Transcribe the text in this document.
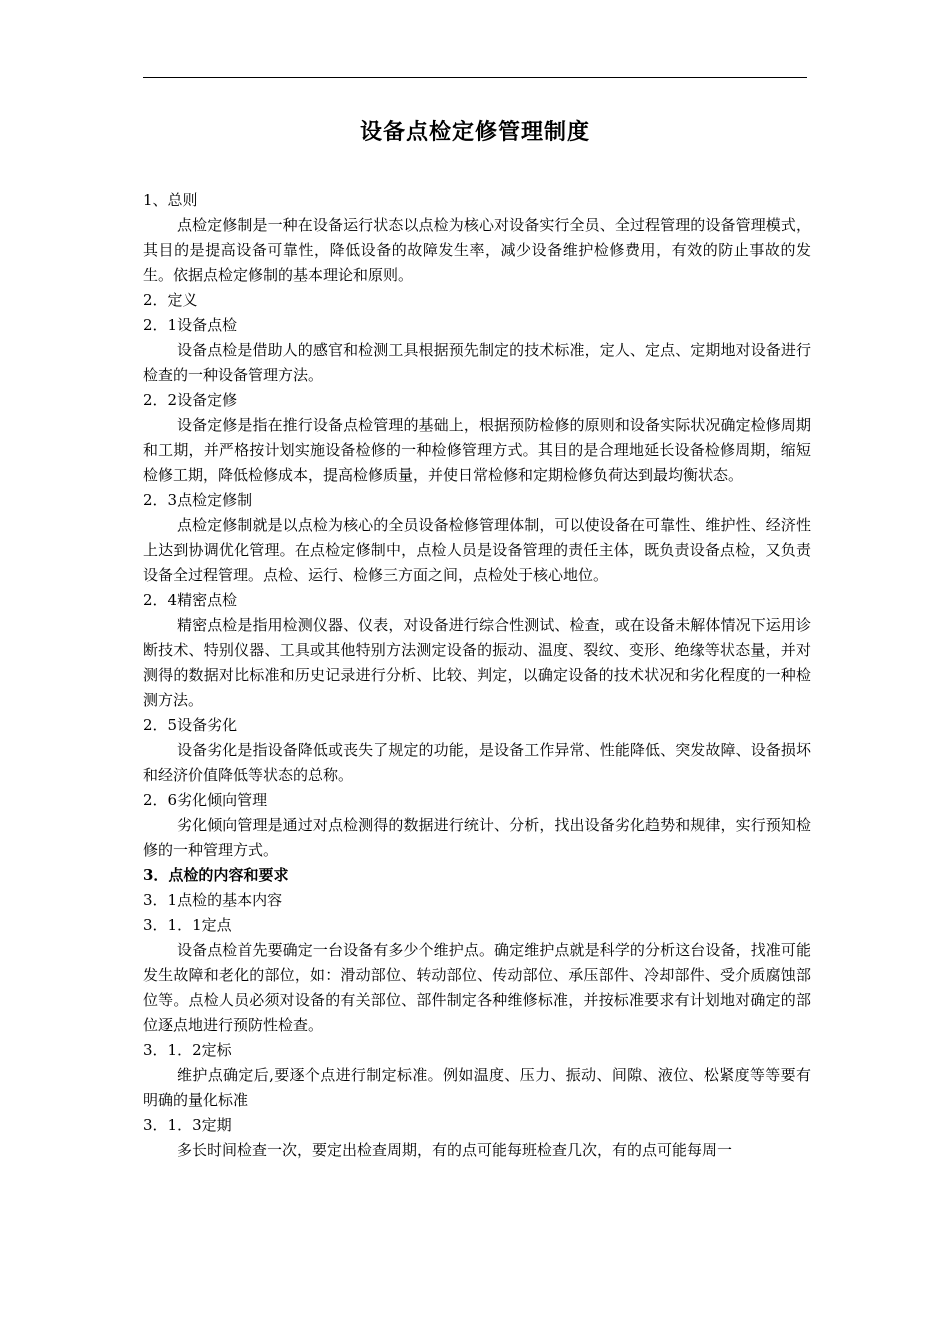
设备点检定修管理制度

1、总则

点检定修制是一种在设备运行状态以点检为核心对设备实行全员、全过程管理的设备管理模式，其目的是提高设备可靠性，降低设备的故障发生率，减少设备维护检修费用，有效的防止事故的发生。依据点检定修制的基本理论和原则。

2．定义

2．1设备点检

设备点检是借助人的感官和检测工具根据预先制定的技术标准，定人、定点、定期地对设备进行检查的一种设备管理方法。

2．2设备定修

设备定修是指在推行设备点检管理的基础上，根据预防检修的原则和设备实际状况确定检修周期和工期，并严格按计划实施设备检修的一种检修管理方式。其目的是合理地延长设备检修周期，缩短检修工期，降低检修成本，提高检修质量，并使日常检修和定期检修负荷达到最均衡状态。

2．3点检定修制

点检定修制就是以点检为核心的全员设备检修管理体制，可以使设备在可靠性、维护性、经济性上达到协调优化管理。在点检定修制中，点检人员是设备管理的责任主体，既负责设备点检，又负责设备全过程管理。点检、运行、检修三方面之间，点检处于核心地位。

2．4精密点检

精密点检是指用检测仪器、仪表，对设备进行综合性测试、检查，或在设备未解体情况下运用诊断技术、特别仪器、工具或其他特别方法测定设备的振动、温度、裂纹、变形、绝缘等状态量，并对测得的数据对比标准和历史记录进行分析、比较、判定，以确定设备的技术状况和劣化程度的一种检测方法。

2．5设备劣化

设备劣化是指设备降低或丧失了规定的功能，是设备工作异常、性能降低、突发故障、设备损坏和经济价值降低等状态的总称。

2．6劣化倾向管理

劣化倾向管理是通过对点检测得的数据进行统计、分析，找出设备劣化趋势和规律，实行预知检修的一种管理方式。

3．点检的内容和要求

3．1点检的基本内容

3．1．1定点

设备点检首先要确定一台设备有多少个维护点。确定维护点就是科学的分析这台设备，找准可能发生故障和老化的部位，如：滑动部位、转动部位、传动部位、承压部件、冷却部件、受介质腐蚀部位等。点检人员必须对设备的有关部位、部件制定各种维修标准，并按标准要求有计划地对确定的部位逐点地进行预防性检查。

3．1．2定标

维护点确定后,要逐个点进行制定标准。例如温度、压力、振动、间隙、液位、松紧度等等要有明确的量化标准

3．1．3定期

多长时间检查一次，要定出检查周期，有的点可能每班检查几次，有的点可能每周一
